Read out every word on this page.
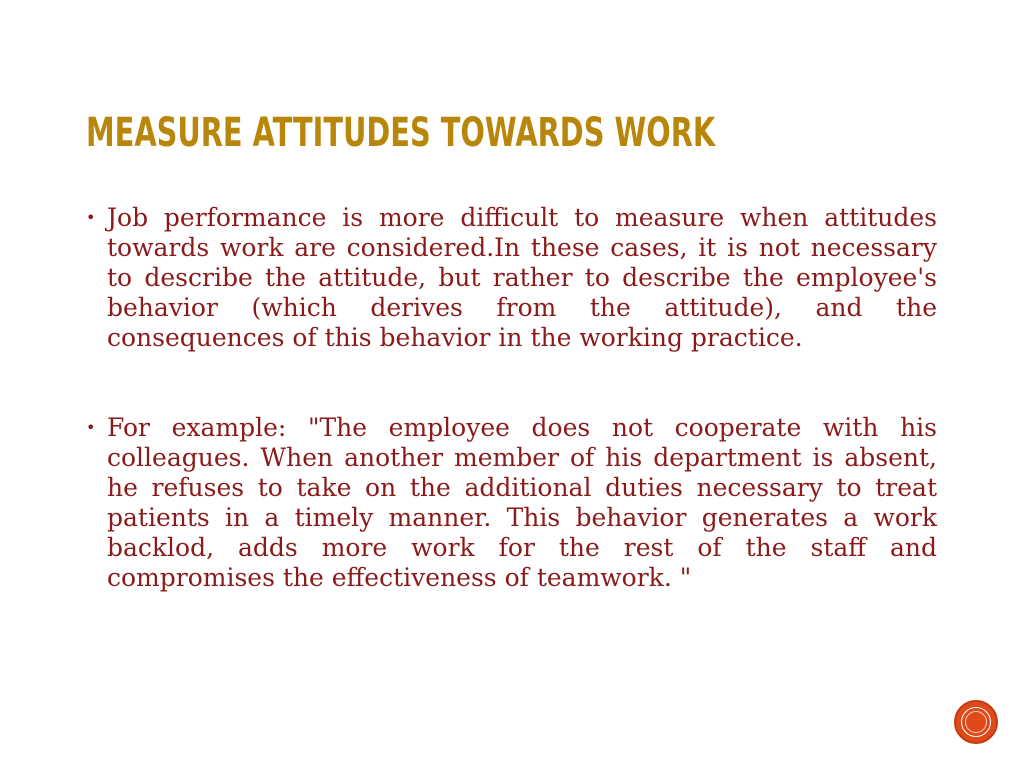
MEASURE ATTITUDES TOWARDS WORK
• Job performance is more difficult to measure when attitudes towards work are considered.In these cases, it is not necessary to describe the attitude, but rather to describe the employee's behavior (which derives from the attitude), and the consequences of this behavior in the working practice.
• For example: "The employee does not cooperate with his colleagues. When another member of his department is absent, he refuses to take on the additional duties necessary to treat patients in a timely manner. This behavior generates a work backlod, adds more work for the rest of the staff and compromises the effectiveness of teamwork. "
